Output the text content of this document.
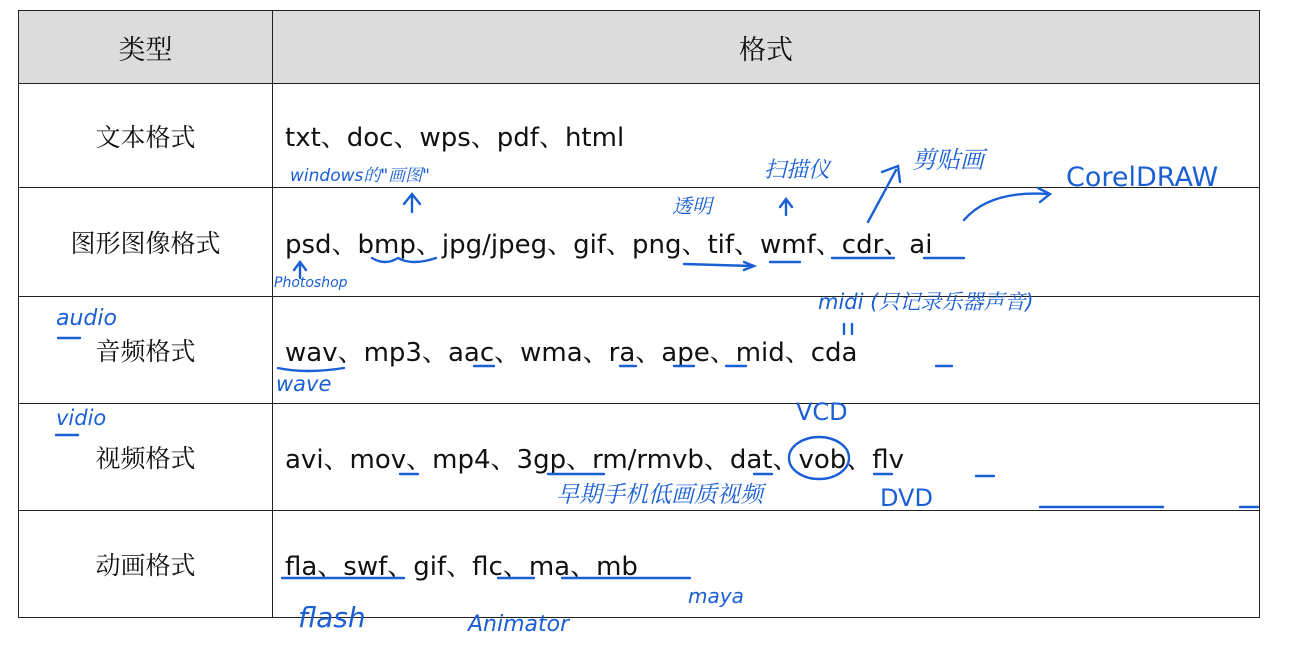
类型	格式
文本格式	txt、doc、wps、pdf、html
图形图像格式	psd、bmp、jpg/jpeg、gif、png、tif、wmf、cdr、ai
音频格式	wav、mp3、aac、wma、ra、ape、mid、cda
视频格式	avi、mov、mp4、3gp、rm/rmvb、dat、vob、flv
动画格式	fla、swf、gif、flc、ma、mb
windows的"画图"
Photoshop
透明
扫描仪	剪贴画
CorelDRAW
midi (只记录乐器声音)
audio
wave
vidio	VCD
早期手机低画质视频	DVD
flash	Animator
maya
